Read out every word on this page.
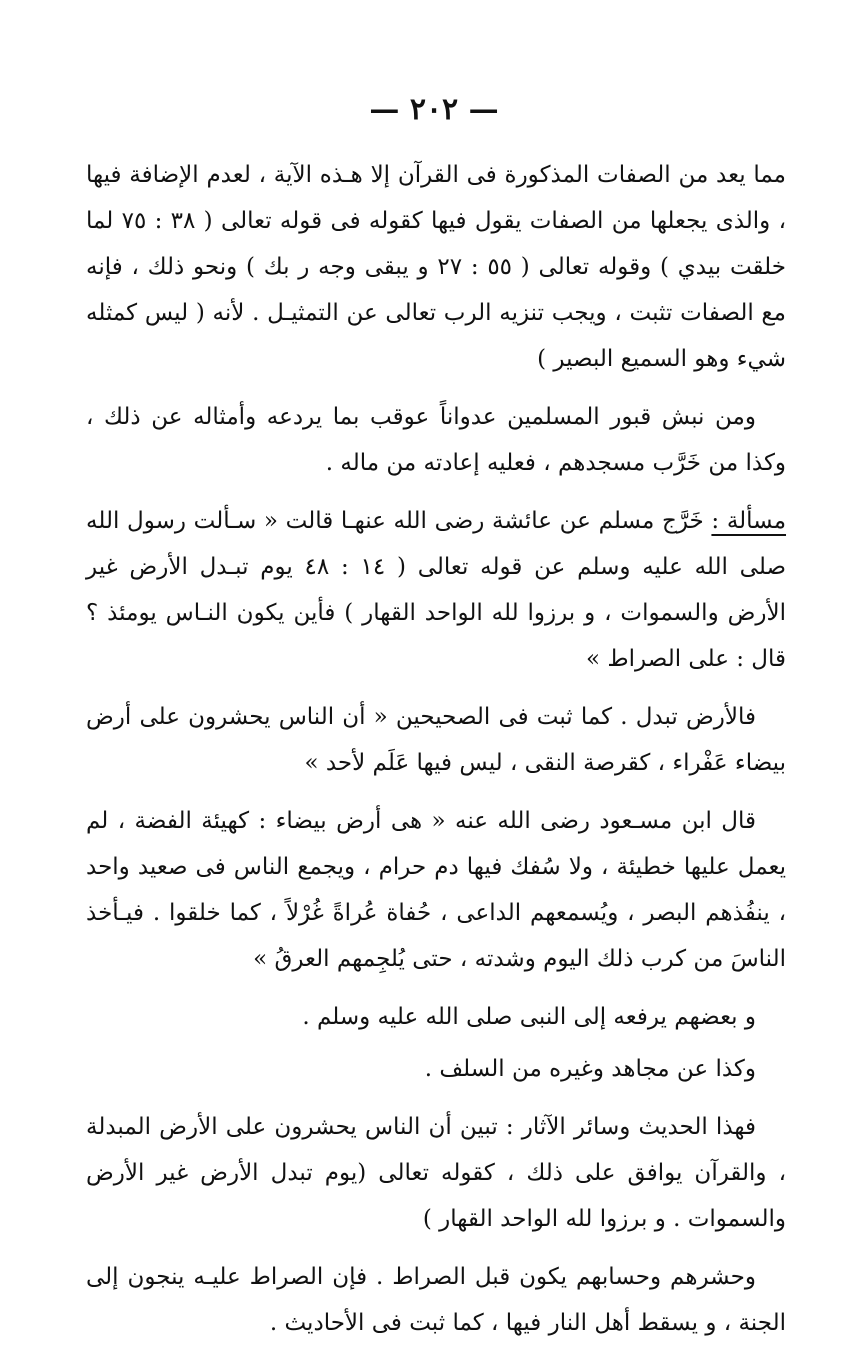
— ٢٠٢ —

مما يعد من الصفات المذكورة فى القرآن إلا هـذه الآية ، لعدم الإضافة فيها ، والذى يجعلها من الصفات يقول فيها كقوله فى قوله تعالى ( ٣٨ : ٧٥ لما خلقت بيدي ) وقوله تعالى ( ٥٥ : ٢٧ و يبقى وجه ر بك ) ونحو ذلك ، فإنه مع الصفات تثبت ، ويجب تنزيه الرب تعالى عن التمثيـل . لأنه ( ليس كمثله شيء وهو السميع البصير )

ومن نبش قبور المسلمين عدواناً عوقب بما يردعه وأمثاله عن ذلك ، وكذا من خَرَّب مسجدهم ، فعليه إعادته من ماله .

مسألة : خَرَّج مسلم عن عائشة رضى الله عنهـا قالت « سـألت رسول الله صلى الله عليه وسلم عن قوله تعالى ( ١٤ : ٤٨ يوم تبـدل الأرض غير الأرض والسموات ، و برزوا لله الواحد القهار ) فأين يكون النـاس يومئذ ؟ قال : على الصراط »

فالأرض تبدل . كما ثبت فى الصحيحين « أن الناس يحشرون على أرض بيضاء عَفْراء ، كقرصة النقى ، ليس فيها عَلَم لأحد »

قال ابن مسـعود رضى الله عنه « هى أرض بيضاء : كهيئة الفضة ، لم يعمل عليها خطيئة ، ولا سُفك فيها دم حرام ، ويجمع الناس فى صعيد واحد ، ينفُذهم البصر ، ويُسمعهم الداعى ، حُفاة عُراةً غُرْلاً ، كما خلقوا . فيـأخذ الناسَ من كرب ذلك اليوم وشدته ، حتى يُلجِمهم العرقُ »

و بعضهم يرفعه إلى النبى صلى الله عليه وسلم .

وكذا عن مجاهد وغيره من السلف .

فهذا الحديث وسائر الآثار : تبين أن الناس يحشرون على الأرض المبدلة ، والقرآن يوافق على ذلك ، كقوله تعالى (يوم تبدل الأرض غير الأرض والسموات . و برزوا لله الواحد القهار )

وحشرهم وحسابهم يكون قبل الصراط . فإن الصراط عليـه ينجون إلى الجنة ، و يسقط أهل النار فيها ، كما ثبت فى الأحاديث .
